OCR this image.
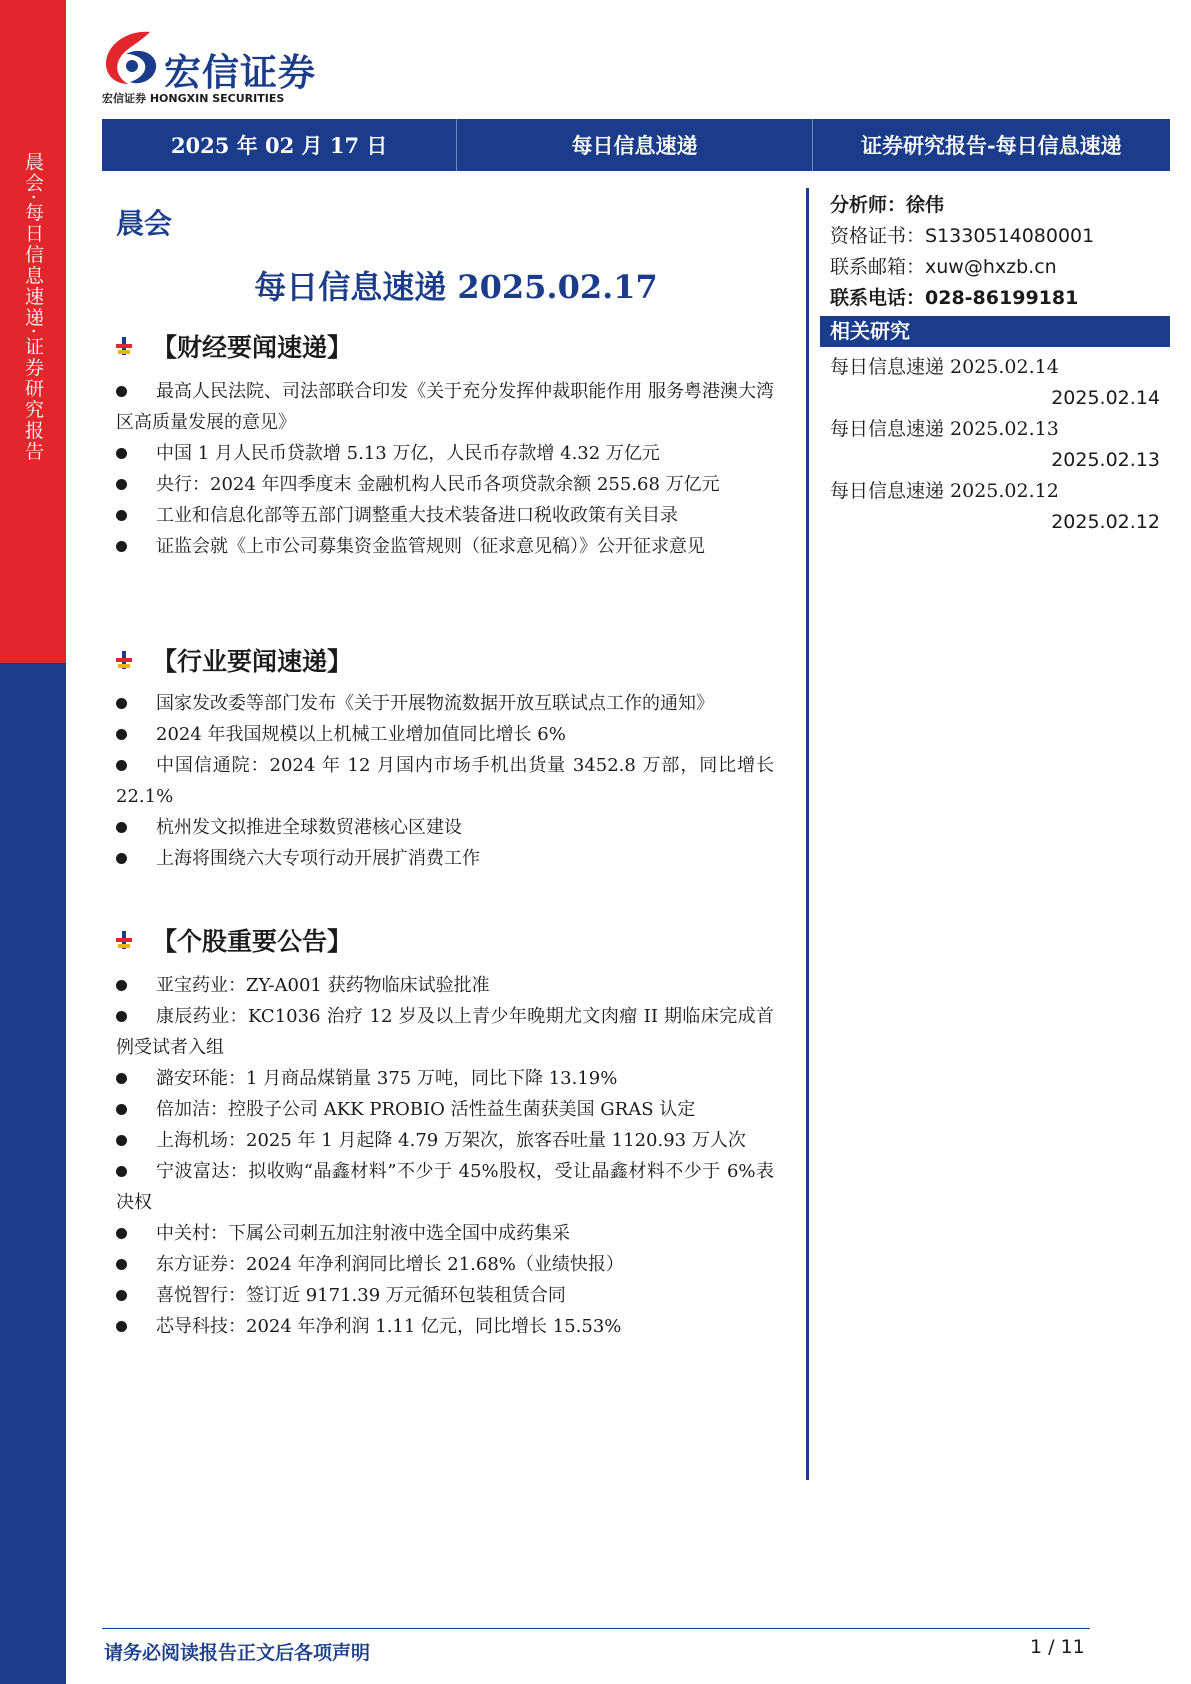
晨会·每日信息速递·证券研究报告
宏信证券
宏信证券 HONGXIN SECURITIES
2025 年 02 月 17 日	每日信息速递	证券研究报告-每日信息速递
晨会
每日信息速递 2025.02.17
【财经要闻速递】
最高人民法院、司法部联合印发《关于充分发挥仲裁职能作用 服务粤港澳大湾区高质量发展的意见》
中国 1 月人民币贷款增 5.13 万亿，人民币存款增 4.32 万亿元
央行：2024 年四季度末 金融机构人民币各项贷款余额 255.68 万亿元
工业和信息化部等五部门调整重大技术装备进口税收政策有关目录
证监会就《上市公司募集资金监管规则（征求意见稿）》公开征求意见
【行业要闻速递】
国家发改委等部门发布《关于开展物流数据开放互联试点工作的通知》
2024 年我国规模以上机械工业增加值同比增长 6%
中国信通院：2024 年 12 月国内市场手机出货量 3452.8 万部，同比增长 22.1%
杭州发文拟推进全球数贸港核心区建设
上海将围绕六大专项行动开展扩消费工作
【个股重要公告】
亚宝药业：ZY-A001 获药物临床试验批准
康辰药业：KC1036 治疗 12 岁及以上青少年晚期尤文肉瘤 II 期临床完成首例受试者入组
潞安环能：1 月商品煤销量 375 万吨，同比下降 13.19%
倍加洁：控股子公司 AKK PROBIO 活性益生菌获美国 GRAS 认定
上海机场：2025 年 1 月起降 4.79 万架次，旅客吞吐量 1120.93 万人次
宁波富达：拟收购“晶鑫材料”不少于 45%股权，受让晶鑫材料不少于 6%表决权
中关村：下属公司刺五加注射液中选全国中成药集采
东方证券：2024 年净利润同比增长 21.68%（业绩快报）
喜悦智行：签订近 9171.39 万元循环包装租赁合同
芯导科技：2024 年净利润 1.11 亿元，同比增长 15.53%
分析师：徐伟
资格证书：S1330514080001
联系邮箱：xuw@hxzb.cn
联系电话：028-86199181
相关研究
每日信息速递 2025.02.14
2025.02.14
每日信息速递 2025.02.13
2025.02.13
每日信息速递 2025.02.12
2025.02.12
请务必阅读报告正文后各项声明	1 / 11
